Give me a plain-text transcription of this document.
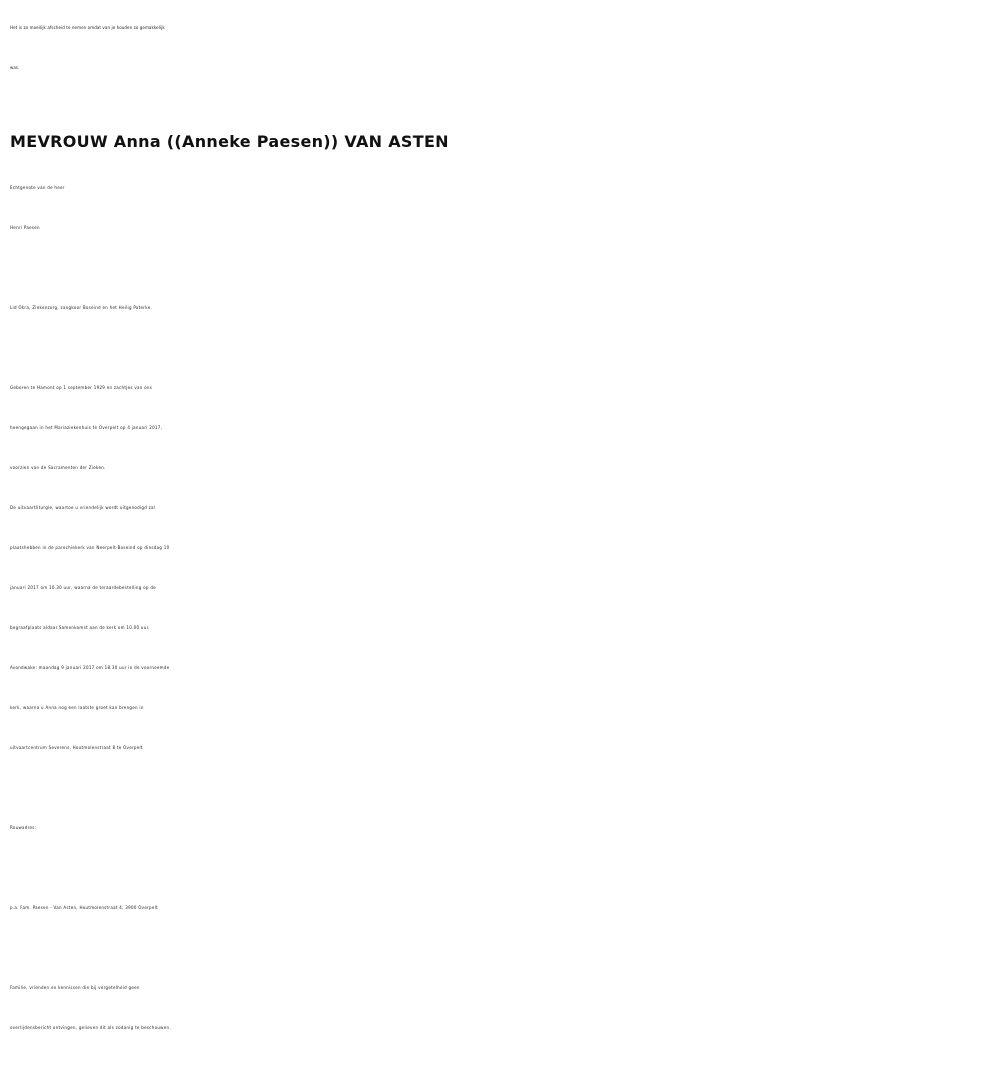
Het is zo moeilijk afscheid te nemen omdat van je houden zo gemakkelijk
was.
MEVROUW Anna ((Anneke Paesen)) VAN ASTEN
Echtgenote van de heer
Henri Paesen
Lid Okra, Ziekenzorg, zangkoor Boseind en het Heilig Paterke.
Geboren te Hamont op 1 september 1929 en zachtjes van ons
heengegaan in het Mariaziekenhuis te Overpelt op 4 januari 2017,
voorzien van de Sacramenten der Zieken.
De uitvaartliturgie, waartoe u vriendelijk wordt uitgenodigd zal
plaatshebben in de parochiekerk van Neerpelt-Boseind op dinsdag 10
januari 2017 om 10.30 uur, waarna de teraardebestelling op de
begraafplaats aldaar.Samenkomst aan de kerk om 10.00 uur.
Avondwake: maandag 9 januari 2017 om 18.30 uur in de voornoemde
kerk, waarna u Anna nog een laatste groet kan brengen in
uitvaartcentrum Severens, Houtmolenstraat 8 te Overpelt
Rouwadres:
p.a. Fam. Paesen - Van Asten, Houtmolenstraat 4, 3900 Overpelt
Familie, vrienden en kennissen die bij vergetelheid geen
overlijdensbericht ontvingen, gelieven dit als zodanig te beschouwen.
